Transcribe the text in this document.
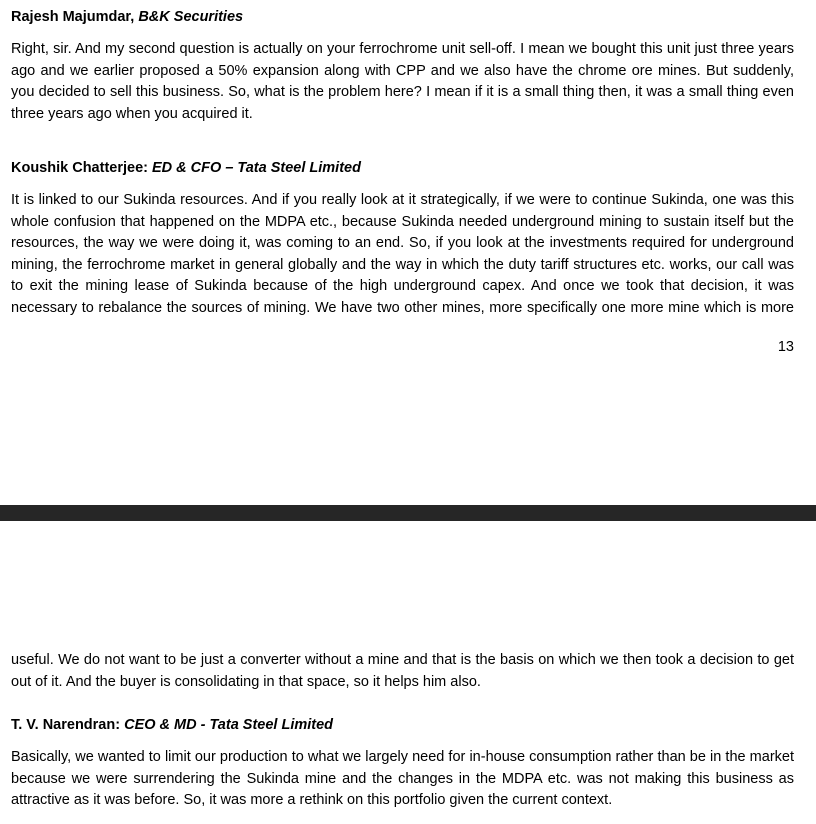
Rajesh Majumdar, B&K Securities
Right, sir. And my second question is actually on your ferrochrome unit sell-off. I mean we bought this unit just three years ago and we earlier proposed a 50% expansion along with CPP and we also have the chrome ore mines. But suddenly, you decided to sell this business. So, what is the problem here? I mean if it is a small thing then, it was a small thing even three years ago when you acquired it.
Koushik Chatterjee: ED & CFO – Tata Steel Limited
It is linked to our Sukinda resources. And if you really look at it strategically, if we were to continue Sukinda, one was this whole confusion that happened on the MDPA etc., because Sukinda needed underground mining to sustain itself but the resources, the way we were doing it, was coming to an end. So, if you look at the investments required for underground mining, the ferrochrome market in general globally and the way in which the duty tariff structures etc. works, our call was to exit the mining lease of Sukinda because of the high underground capex. And once we took that decision, it was necessary to rebalance the sources of mining. We have two other mines, more specifically one more mine which is more
13
useful. We do not want to be just a converter without a mine and that is the basis on which we then took a decision to get out of it. And the buyer is consolidating in that space, so it helps him also.
T. V. Narendran: CEO & MD - Tata Steel Limited
Basically, we wanted to limit our production to what we largely need for in-house consumption rather than be in the market because we were surrendering the Sukinda mine and the changes in the MDPA etc. was not making this business as attractive as it was before. So, it was more a rethink on this portfolio given the current context.
